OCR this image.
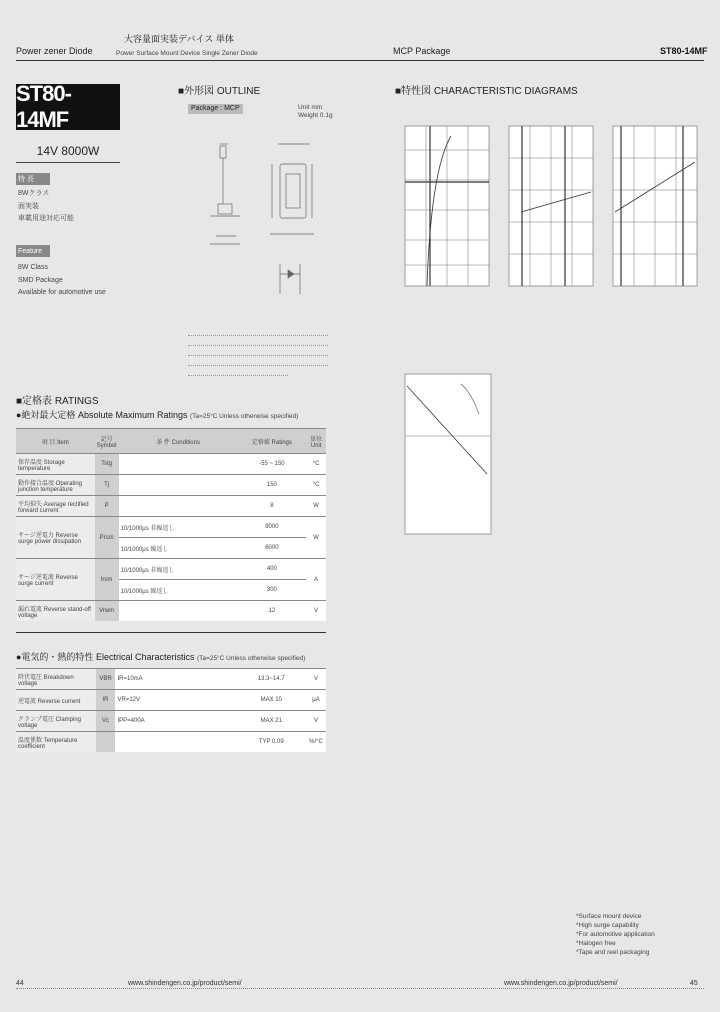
Power zener Diode
大容量面実装デバイス 単体
Power Surface Mount Device Single Zener Diode	MCP Package	ST80-14MF
ST80-14MF
14V 8000W
特 長
8Wクラス
面実装
車載用途対応可能
Feature
8W Class
SMD Package
Available for automotive use
■外形図 OUTLINE
Package : MCP	Unit mm
Weight 0.1g
■特性図 CHARACTERISTIC DIAGRAMS
■定格表 RATINGS
●絶対最大定格 Absolute Maximum Ratings (Ta=25°C Unless otherwise specified)
項 目 Item	記号 Symbol	条 件 Conditions	定格値 Ratings	単位 Unit
保存温度 Storage temperature	Tstg		-55 ~ 150	°C
動作接合温度 Operating junction temperature	Tj		150	°C
平均損失 Average rectified forward current	P		8	W
サージ逆電力 Reverse surge power dissipation	Prsm	10/1000μs 非繰返し	8000	W
		10/1000μs 繰返し	6000	
サージ逆電流 Reverse surge current	Irsm	10/1000μs 非繰返し	400	A
		10/1000μs 繰返し	300	
漏れ電流 Reverse stand-off voltage	Vrwm		12	V
●電気的・熱的特性 Electrical Characteristics (Ta=25°C Unless otherwise specified)
降伏電圧 Breakdown voltage	VBR	IR=10mA	13.3~14.7	V
逆電流 Reverse current	IR	VR=12V	MAX 10	μA
クランプ電圧 Clamping voltage	Vc	IPP=400A	MAX 21	V
温度係数 Temperature coefficient			TYP 0.09	%/°C
*Surface mount device
*High surge capability
*For automotive application
*Halogen free
*Tape and reel packaging
44	www.shindengen.co.jp/product/semi/	www.shindengen.co.jp/product/semi/	45
